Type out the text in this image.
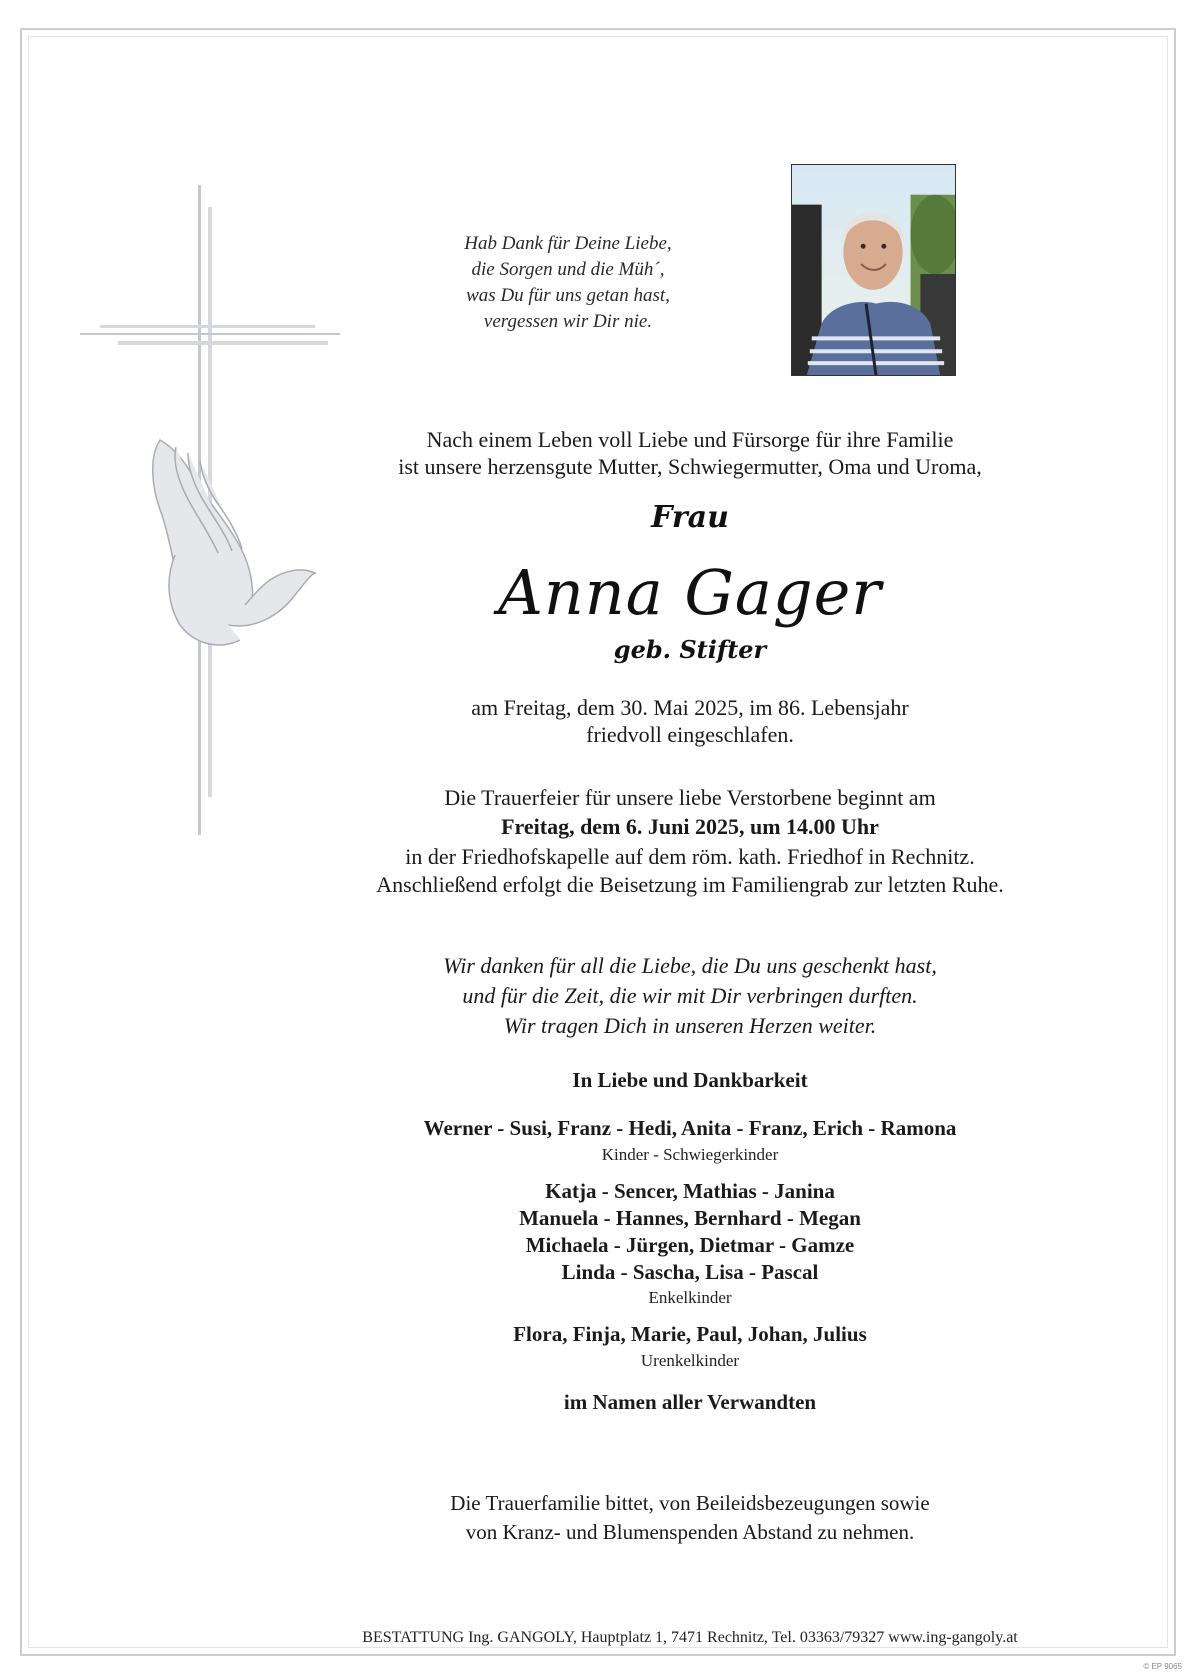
Hab Dank für Deine Liebe,
die Sorgen und die Müh´,
was Du für uns getan hast,
vergessen wir Dir nie.
Nach einem Leben voll Liebe und Fürsorge für ihre Familie
ist unsere herzensgute Mutter, Schwiegermutter, Oma und Uroma,
Frau
Anna Gager
geb. Stifter
am Freitag, dem 30. Mai 2025, im 86. Lebensjahr
friedvoll eingeschlafen.
Die Trauerfeier für unsere liebe Verstorbene beginnt am
Freitag, dem 6. Juni 2025, um 14.00 Uhr
in der Friedhofskapelle auf dem röm. kath. Friedhof in Rechnitz.
Anschließend erfolgt die Beisetzung im Familiengrab zur letzten Ruhe.
Wir danken für all die Liebe, die Du uns geschenkt hast,
und für die Zeit, die wir mit Dir verbringen durften.
Wir tragen Dich in unseren Herzen weiter.
In Liebe und Dankbarkeit
Werner - Susi, Franz - Hedi, Anita - Franz, Erich - Ramona
Kinder - Schwiegerkinder
Katja - Sencer, Mathias - Janina
Manuela - Hannes, Bernhard - Megan
Michaela - Jürgen, Dietmar - Gamze
Linda - Sascha, Lisa - Pascal
Enkelkinder
Flora, Finja, Marie, Paul, Johan, Julius
Urenkelkinder
im Namen aller Verwandten
Die Trauerfamilie bittet, von Beileidsbezeugungen sowie
von Kranz- und Blumenspenden Abstand zu nehmen.
BESTATTUNG Ing. GANGOLY, Hauptplatz 1, 7471 Rechnitz, Tel. 03363/79327 www.ing-gangoly.at
© EP 9065
